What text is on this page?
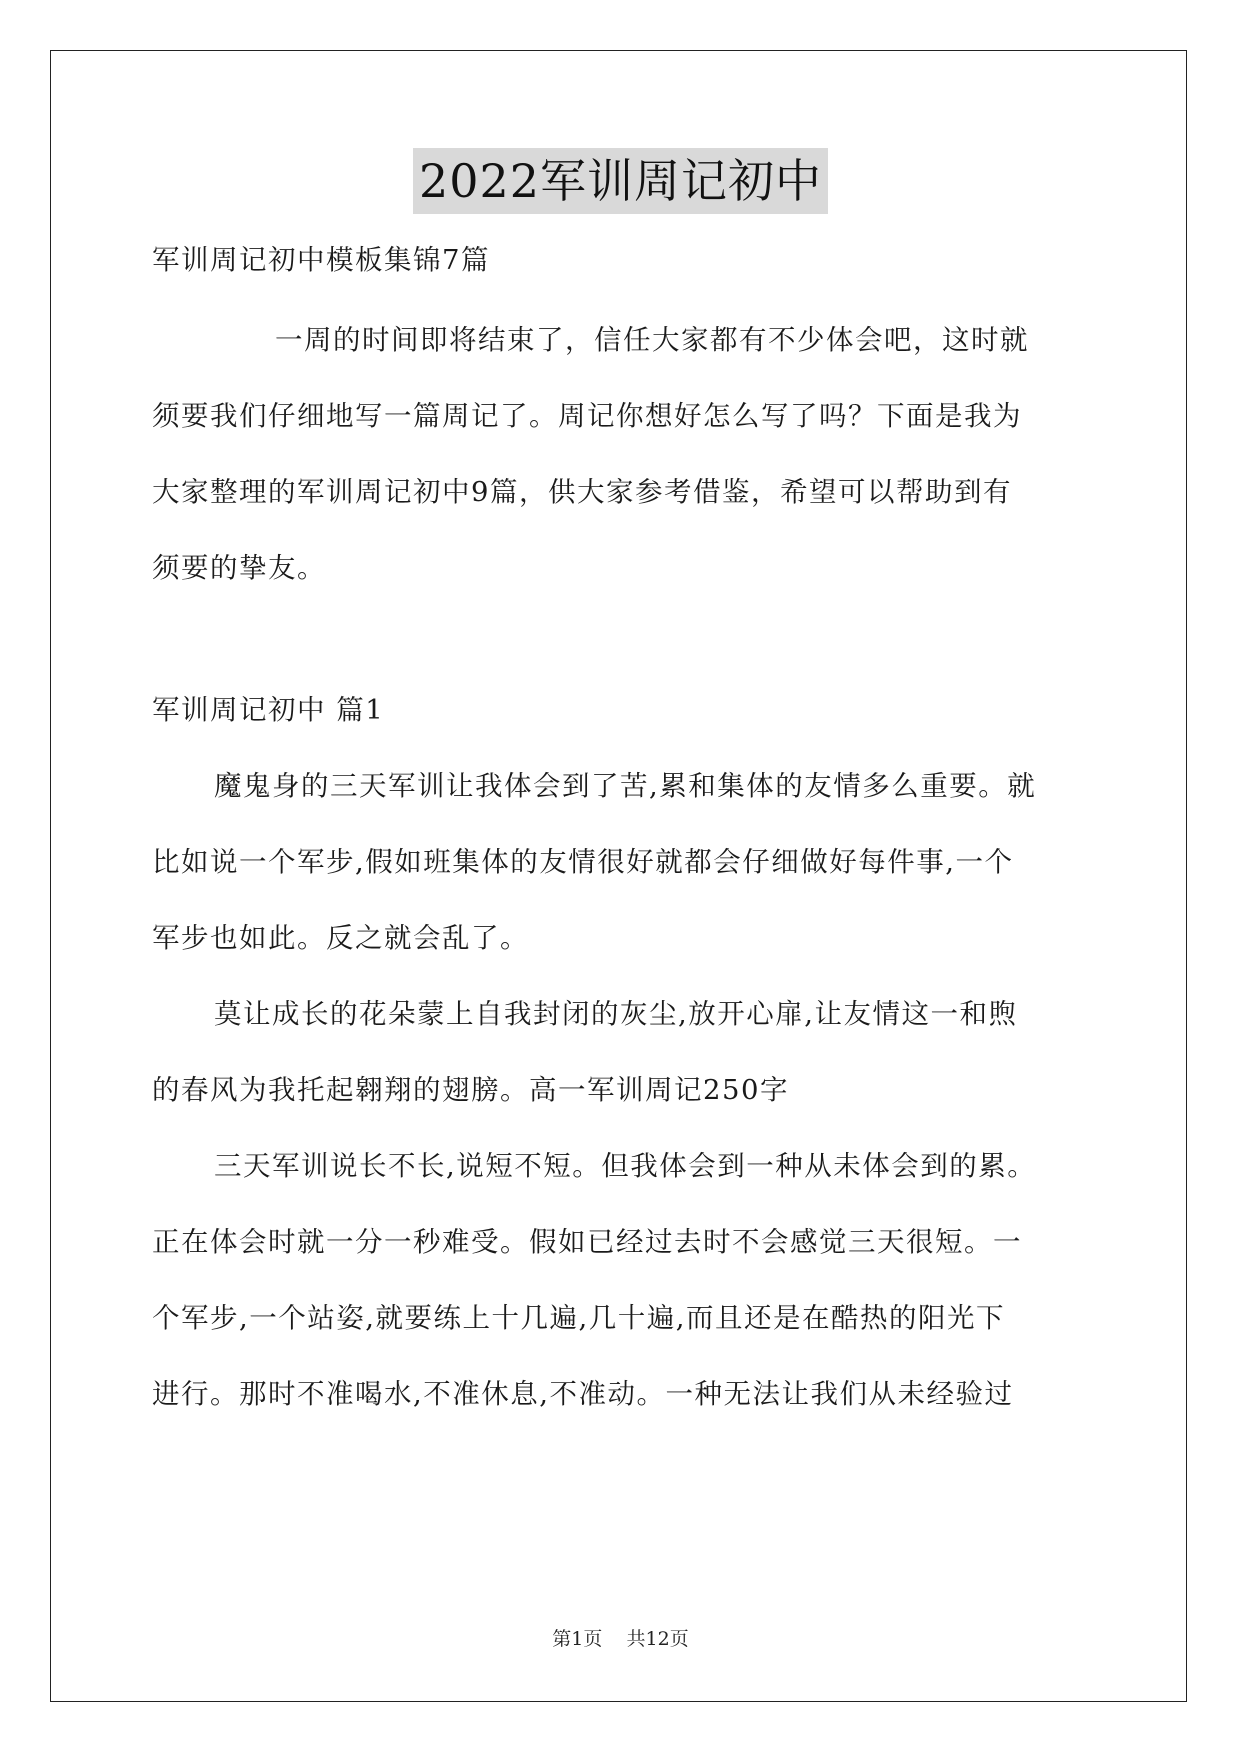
2022军训周记初中
军训周记初中模板集锦7篇
一周的时间即将结束了，信任大家都有不少体会吧，这时就
须要我们仔细地写一篇周记了。周记你想好怎么写了吗？下面是我为
大家整理的军训周记初中9篇，供大家参考借鉴，希望可以帮助到有
须要的挚友。
军训周记初中 篇1
魔鬼身的三天军训让我体会到了苦,累和集体的友情多么重要。就
比如说一个军步,假如班集体的友情很好就都会仔细做好每件事,一个
军步也如此。反之就会乱了。
莫让成长的花朵蒙上自我封闭的灰尘,放开心扉,让友情这一和煦
的春风为我托起翱翔的翅膀。高一军训周记250字
三天军训说长不长,说短不短。但我体会到一种从未体会到的累。
正在体会时就一分一秒难受。假如已经过去时不会感觉三天很短。一
个军步,一个站姿,就要练上十几遍,几十遍,而且还是在酷热的阳光下
进行。那时不准喝水,不准休息,不准动。一种无法让我们从未经验过
第1页    共12页
